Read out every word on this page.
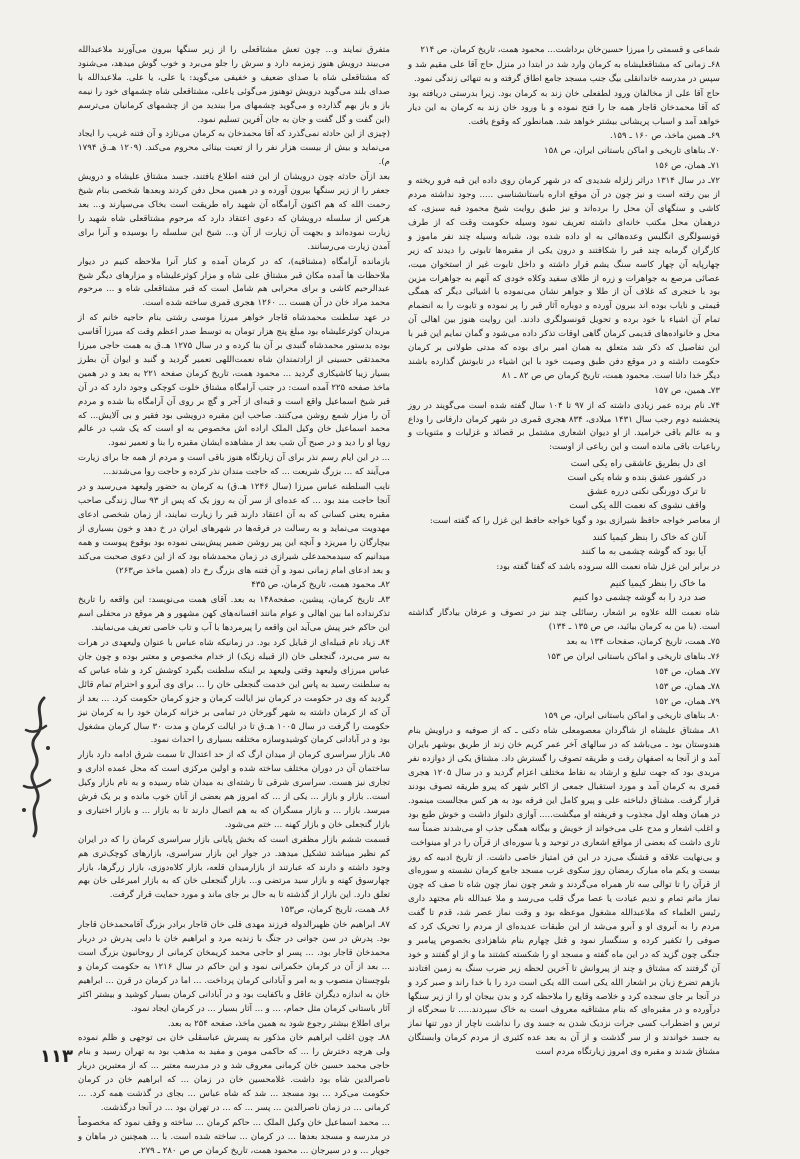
شماعی و قسمتی را میرزا حسین‌خان برداشت... محمود همت، تاریخ کرمان، ص ۲۱۴

۶۸ـ زمانی که مشتاقعلیشاه به کرمان وارد شد در ابتدا در منزل حاج آقا علی مقیم شد و سپس در مدرسه خاندانقلی بیگ جنب مسجد جامع اطاق گرفته و به تنهائی زندگی نمود.

حاج آقا علی از مخالفان ورود لطفعلی خان زند به کرمان بود. زیرا بدرستی دریافته بود که آقا محمدخان قاجار همه جا را فتح نموده و با ورود خان زند به کرمان به این دیار خواهد آمد و اسباب پریشانی بیشتر خواهد شد. همانطور که وقوع یافت.

۶۹ـ همین ماخذ، ص ۱۶۰ ـ ۱۵۹.

۷۰ـ بناهای تاریخی و اماکن باستانی ایران، ص ۱۵۸

۷۱ـ همان، ص ۱۵۶

۷۲ـ در سال ۱۳۱۴ دراثر زلزله شدیدی که در شهر کرمان روی داده این قبه فرو ریخته و از بین رفته است و نیز چون در آن موقع اداره باستانشناسی ..... وجود نداشته مردم کاشی و سنگهای آن محل را برده‌اند و نیز طبق روایت شیخ محمود قبه سبزی، که درهمان محل مکتب خانه‌ای داشته تعریف نمود وسیله حکومت وقت که از طرف قونسولگری انگلیس وعده‌هائی به او داده شده بود، شبانه وسیله چند نفر ماموز و کارگران گرمابه چند قبر را شکافتند و درون یکی از مقبره‌ها تابوتی را دیدند که زیر چهارپایه آن چهار کاسه سنگ یشم قرار داشته و داخل تابوت غیر از استخوان میت، عصائی مرصع به جواهرات و زره از طلای سفید وکلاه خودی که آنهم به جواهرات مزین بود با خنجری که غلاف آن از طلا و جواهر نشان می‌نموده با اشیائی دیگر که همگی قیمتی و نایاب بوده اند بیرون آورده و دوباره آثار قبر را پر نموده و تابوت را به انضمام تمام آن اشیاء با خود برده و تحویل قونسولگری دادند. این روایت هنوز بین اهالی آن محل و خانواده‌های قدیمی کرمان گاهی اوقات تذکر داده می‌شود و گمان نمایم این قبر با این تفاصیل که ذکر شد متعلق به همان امیر برای بوده که مدتی طولانی بر کرمان حکومت داشته و در موقع دفن طبق وصیت خود با این اشیاء در تابوتش گذارده باشند دیگر خدا دانا است. محمود همت، تاریخ کرمان ص ص ۸۲ ـ ۸۱

۷۳ـ همین، ص ۱۵۷

۷۴ـ نام برده عمر زیادی داشته که از ۹۷ تا ۱۰۴ سال گفته شده است می‌گویند در روز پنجشنبه دوم رجب سال ۱۴۳۱ میلادی، ۸۳۴ هجری قمری در شهر کرمان دارفانی را وداع و به عالم باقی خرامید. از او دیوان اشعاری مشتمل بر قصائد و غزلیات و مثنویات و رباعیات باقی مانده است و این رباعی از اوست:

ای دل بطریق عاشقی راه یکی است
در کشور عشق بنده و شاه یکی است
تا ترک دورنگی نکنی درره عشق
واقف نشوی که نعمت الله یکی است

از معاصر خواجه حافظ شیرازی بود و گویا خواجه حافظ این غزل را که گفته است:

آنان که خاک را بنظر کیمیا کنند
آیا بود که گوشه چشمی به ما کنند

در برابر این غزل شاه نعمت الله سروده باشد که گفتا گفته بود:

ما خاک را بنظر کیمیا کنیم
صد درد را به گوشه چشمی دوا کنیم

شاه نعمت الله علاوه بر اشعار، رسائلی چند نیز در تصوف و عرفان بیادگار گذاشته است. (با من به کرمان بیائید، ص ص ۱۳۵ ـ ۱۳۴)

۷۵ـ همت، تاریخ کرمان، صفحات ۱۳۴ به بعد

۷۶ـ بناهای تاریخی و اماکن باستانی ایران ص ۱۵۳

۷۷ـ همان، ص ۱۵۴

۷۸ـ همان، ص ۱۵۳

۷۹ـ همان، ص ۱۵۲

۸۰ـ بناهای تاریخی و اماکن باستانی ایران، ص ۱۵۹

۸۱ـ مشتاق علیشاه از شاگردان معصومعلی شاه دکنی ـ که از صوفیه و دراویش بنام هندوستان بود ـ می‌باشد که در سالهای آخر عمر کریم خان زند از طریق بوشهر بایران آمد و از آنجا به اصفهان رفت و طریقه تصوف را گسترش داد. مشتاق یکی از دوازده نفر مریدی بود که جهت تبلیغ و ارشاد به نقاط مختلف اعزام گردید و در سال ۱۲۰۵ هجری قمری به کرمان آمد و مورد استقبال جمعی از اکابر شهر که پیرو طریقه تصوف بودند قرار گرفت. مشتاق دلباخته علی و پیرو کامل این فرقه بود به هر کس مجالست مینمود. در همان وهله اول مجذوب و فریفته او میگشت..... آوازی دلنواز داشت و خوش طبع بود و اغلب اشعار و مدح علی می‌خواند از خویش و بیگانه همگی جذب او می‌شدند ضمناً سه تاری داشت که بعضی از مواقع اشعاری در توحید و یا سوره‌ای از قرآن را در او مینواخت

و بی‌نهایت علاقه و قشنگ می‌زد در این فن امتیاز خاصی داشت. از تاریخ ادبیه که روز بیست و یکم ماه مبارک رمضان روز سکوی غرب مسجد جامع کرمان نشسته و سوره‌ای از قرآن را تا توالی سه تار همراه می‌گردند و شعر چون نماز چون شاه تا صف که چون نماز ماتم تمام و ندیم عیادت یا عصا مرگ قلب می‌رسد و ملا عبدالله نام مجتهد داری رئیس العلماء که ملاعبدالله مشغول موعظه بود و وقت نماز عصر شد، قدم تا گفت مردم را به آبروی او و آبرو می‌شد از این طبقات عدیده‌ای از مردم را تحریک کرد که صوفی را تکفیر کرده و سنگسار نمود و قتل چهارم بنام شاهزادی بخصوص پیامبر و جنگی چون گزید که در این ماه گفته و مسجد او را شکسته کشتند ما و از او گفتند و خود آن گرفتند که مشتاق و چند از پیروانش تا آخرین لحظه زیر ضرب سنگ به زمین افتادند بازهم تضرع زبان بر اشعار الله یکی است الله یکی است درد را با خدا راند و صبر کرد و در آنجا بر جای سجده کرد و خلاصه وقایع را ملاحظه کرد و بدن بیجان او را از زیر سنگها درآورده و در مقبره‌ای که بنام مشتاقیه معروف است به خاک سپردند..... تا سحرگاه از ترس و اضطراب کسی جرات نزدیک شدن به جسد وی را نداشت ناچار از دور تنها نماز به جسد خواندند و از سر گذشت و از آن به بعد عده کثیری از مردم کرمان وابستگان مشتاق شدند و مقبره وی امروز زیارتگاه مردم است

متفرق نمایند و... چون تعش مشتاقعلی را از زیر سنگها بیرون می‌آورند ملاعبدالله می‌بیند درویش هنوز زمزمه دارد و سرش را جلو می‌برد و خوب گوش میدهد، می‌شنود که مشتاقعلی شاه با صدای ضعیف و خفیفی می‌گوید: یا علی، یا علی. ملاعبدالله با صدای بلند می‌گوید درویش توهنوز می‌گوئی یاعلی، مشتاقعلی شاه چشمهای خود را نیمه باز و باز بهم گذارده و می‌گوید چشمهای مرا ببندید من از چشمهای کرمانیان می‌ترسم (این گفت و گل گفت و جان به جان آفرین تسلیم نمود.

(چیزی از این حادثه نمی‌گذرد که آقا محمدخان به کرمان می‌تازد و آن فتنه غریب را ایجاد می‌نماید و بیش از بیست هزار نفر را از تعیت بینائی محروم می‌کند. (۱۲۰۹ هـ.ق ۱۷۹۴ م).

بعد ازآن حادثه چون درویشان از این فتنه اطلاع یافتند، جسد مشتاق علیشاه و درویش جعفر را از زیر سنگها بیرون آورده و در همین محل دفن کردند وبعدها شخصی بنام شیخ رحمت الله که هم اکنون آرامگاه آن شهید راه طریقت است بخاک می‌سپارند و... بعد هرکس از سلسله درویشان که دعوی اعتقاد دارد که مرحوم مشتاقعلی شاه شهید را زیارت نموده‌اند و بجهت آن زیارت از آن و... شیخ این سلسله را بوسیده و آنرا برای آمدن زیارت می‌رسانند.

بازمانده آرامگاه (مشتاقیه)، که در کرمان آمده و کنار آنرا ملاحظه کنیم در دیوار ملاحظات ها آمده مکان قبر مشتاق علی شاه و مزار کوثرعلیشاه و مزارهای دیگر شیخ عبدالرحیم کاشی و برای محرابی هم شامل است که قبر مشتاقعلی شاه و ... مرحوم محمد مراد خان در آن هست ... ۱۲۶۰ هجری قمری ساخته شده است.

در عهد سلطنت محمدشاه قاجار خواهر میرزا موسی رشتی بنام حاجیه خانم که از مریدان کوثرعلیشاه بود مبلغ پنج هزار تومان به توسط صدر اعظم وقت که میرزا آقاسی بوده بدستور محمدشاه گنبدی بر آن بنا کرده و در سال ۱۲۷۵ هـ.ق به همت حاجی میرزا محمدتقی حسینی از ارادتمندان شاه نعمت‌اللهی تعمیر گردید و گنبد و ایوان آن بطرز بسیار زیبا کاشیکاری گردید ... محمود همت، تاریخ کرمان صفحه ۲۲۱ به بعد و در همین ماخذ صفحه ۲۲۵ آمده است: در جنب آرامگاه مشتاق خلوت کوچکی وجود دارد که در آن قبر شیخ اسماعیل واقع است و قبه‌ای از آجر و گچ بر روی آن آرامگاه بنا شده و مردم آن را مزار شمع روشن می‌کنند. صاحب این مقبره درویشی بود فقیر و بی آلایش... که محمد اسماعیل خان وکیل الملک اراده اش مخصوص به او است که یک شب در عالم رویا او را دید و در صبح آن شب بعد از مشاهده ایشان مقبره را بنا و تعمیر نمود.

... در این ایام رسم نذر برای آن زیارتگاه هنوز باقی است و مردم از همه جا برای زیارت می‌آیند که ... بزرگ شریعت ... که حاجت مندان نذر کرده و حاجت روا می‌شدند...

نایب السلطنه عباس میرزا (سال ۱۲۴۶ هـ.ق) به کرمان به حضور ولیعهد می‌رسید و در آنجا حاجت مند بود ... که عده‌ای از سر آن به روز یک که پس از ۹۳ سال زندگی صاحب مقبره یعنی کسانی که به آن اعتقاد دارند قبر را زیارت نمایند، از زمان شخصی ادعای مهدویت می‌نماید و به رسالت در فرقه‌ها در شهرهای ایران در خ دهد و خون بسیاری از بیچارگان را میریزد و آنچه این پیر روشن ضمیر پیش‌بینی نموده بود بوقوع پیوست و همه میدانیم که سیدمحمدعلی شیرازی در زمان محمدشاه بود که از این دعوی صحبت می‌کند و بعد ادعای امام زمانی نمود و آن فتنه های بزرگ رخ داد (همین ماخذ ص۲۶۳)

۸۲ـ محمود همت، تاریخ کرمان، ص ۴۳۵

۸۳ـ تاریخ کرمان، پیشین، صفحه۱۴۸ به بعد. آقای همت می‌نویسد: این واقعه را تاریخ تذکرنداده اما بین اهالی و عوام مانند افسانه‌های کهن مشهور و هر موقع در محفلی اسم این حاکم خبر پیش می‌آید این واقعه را پیرمردها با آب و تاب خاصی تعریف می‌نمایند.

۸۴ـ زیاد نام قبیله‌ای از قبایل کرد بود. در زمانیکه شاه عباس با عنوان ولیعهدی در هرات به سر می‌برد، گنجعلی خان (از قبیله زیک) از خدام مخصوص و معتبر بوده و چون جان عباس میرزای ولیعهد وقتی ولیعهد بر اینکه سلطنت بگیرد کوشش کرد و شاه عباس که به سلطنت رسید به پاس این خدمت گنجعلی خان را ... برای وی آبرو و احترام تمام قائل گردید که وی در حکومت در کرمان نیز ایالت کرمان و جزو کرمان حکومت کرد. ... بعد از آن که از کرمان داشته به شهر گورخان در تمامی بر خزانه کرمان خود را به کرمان نیز حکومت را گرفت در سال ۱۰۰۵ هـ.ق تا در ایالت کرمان و مدت ۳۰ سال کرمان مشغول بود و در آبادانی کرمان کوشیدوسازه مختلفه بسیاری را احداث نمود.

۸۵ـ بازار سراسری کرمان از میدان ارگ که از حد اعتدال تا سمت شرق ادامه دارد بازار ساختمان آن در دوران مختلف ساخته شده و اولین مرکزی است که محل عمده اداری و تجاری نیز هست. سراسری شرقی تا رشته‌ای به میدان شاه رسیده و به نام بازار وکیل است.. بازار و بازار ... یکی از ... که امروز هم بعضی از آنان خوب مانده و بر یک فرش میرسد. بازار ... و بازار مسگران که به هم اتصال دارند تا به بازار ... و بازار اختیاری و بازار گنجعلی خان و بازار کهنه ... ختم می‌شود.

قسمت ششم بازار مظفری است که بخش پایانی بازار سراسری کرمان را که در ایران کم نظیر میباشد تشکیل میدهد. در جوار این بازار سراسری، بازارهای کوچک‌تری هم وجود داشته و دارند که عبارتند از بازارمیدان قلعه، بازار کلاه‌دوزی، بازار زرگرها، بازار چهارسوق کهنه و بازار سید مرتضی و... بازار گنجعلی خان که به بازار امیرعلی خان بهم تعلق دارد. این بازار از گذشته تا به حال بر جای ماند و مورد حمایت قرار گرفت.

۸۶ـ همت، تاریخ کرمان، ص۱۵۳

۸۷ـ ابراهیم خان ظهیرالدوله فرزند مهدی قلی خان قاجار برادر بزرگ آقامحمدخان قاجار بود. پدرش در سن جوانی در جنگ با زندیه مرد و ابراهیم خان با دایی پدرش در دربار محمدخان قاجار بود. ... پسر او حاجی محمد کریمخان کرمانی از روحانیون بزرگ است ... بعد از آن در کرمان حکمرانی نمود و این حاکم در سال ۱۲۱۶ به حکومت کرمان و بلوچستان منصوب و به امر و آبادانی کرمان پرداخت. ... اما در کرمان در قرن ... ابراهیم خان به اندازه دیگران عاقل و باکفایت بود و در آبادانی کرمان بسیار کوشید و بیشتر اکثر آثار باستانی کرمان مثل حمام، ... و ... آثار بسیار ... در کرمان ایجاد نمود.

برای اطلاع بیشتر رجوع شود به همین ماخذ، صفحه ۲۵۴ به بعد.

۸۸ـ چون اغلب ابراهیم خان مذکور به پسرش عباسقلی خان بی توجهی و ظلم نموده ولی هرچه دخترش را ... که حاکمی مومن و مفید به مذهب بود به تهران رسید و بنام حاجی محمد حسین خان کرمانی معروف شد و در مدرسه معتبر ... که از معتبرین دربار ناصرالدین شاه بود داشت. غلامحسین خان در زمان ... که ابراهیم خان در کرمان حکومت می‌کرد ... بود مسجد ... شد که شاه عباس ... بجای در گذشت همه کرد. ... کرمانی ... در زمان ناصرالدین ... پسر ... که ... در تهران بود ... در آنجا درگذشت.

... محمد اسماعیل خان وکیل الملک ... حاکم کرمان ... ساخته و وقف نمود که مخصوصاً در مدرسه و مسجد بعدها ... در کرمان ... ساخته شده است. با ... همچنین در ماهان و جوپار ... و در سیرجان ... محمود همت، تاریخ کرمان ص ص ۲۸۰ ـ ۲۷۹.

۱۱۳
